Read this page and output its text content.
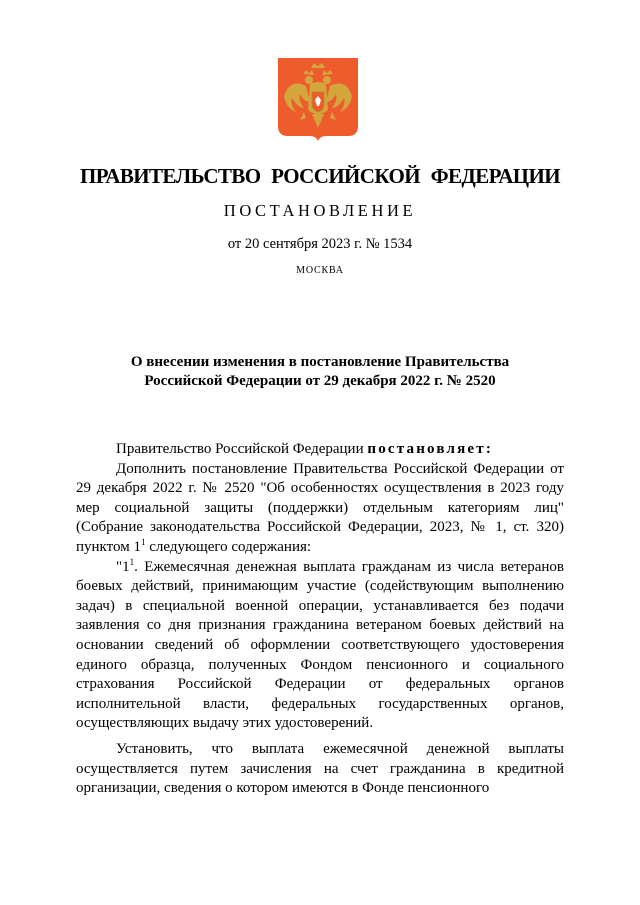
ПРАВИТЕЛЬСТВО РОССИЙСКОЙ ФЕДЕРАЦИИ
ПОСТАНОВЛЕНИЕ
от 20 сентября 2023 г. № 1534
МОСКВА
О внесении изменения в постановление Правительства
Российской Федерации от 29 декабря 2022 г. № 2520

Правительство Российской Федерации постановляет:

Дополнить постановление Правительства Российской Федерации от 29 декабря 2022 г. № 2520 "Об особенностях осуществления в 2023 году мер социальной защиты (поддержки) отдельным категориям лиц" (Собрание законодательства Российской Федерации, 2023, № 1, ст. 320) пунктом $1^1$ следующего содержания:

"$1^1$. Ежемесячная денежная выплата гражданам из числа ветеранов боевых действий, принимающим участие (содействующим выполнению задач) в специальной военной операции, устанавливается без подачи заявления со дня признания гражданина ветераном боевых действий на основании сведений об оформлении соответствующего удостоверения единого образца, полученных Фондом пенсионного и социального страхования Российской Федерации от федеральных органов исполнительной власти, федеральных государственных органов, осуществляющих выдачу этих удостоверений.

Установить, что выплата ежемесячной денежной выплаты осуществляется путем зачисления на счет гражданина в кредитной организации, сведения о котором имеются в Фонде пенсионного
